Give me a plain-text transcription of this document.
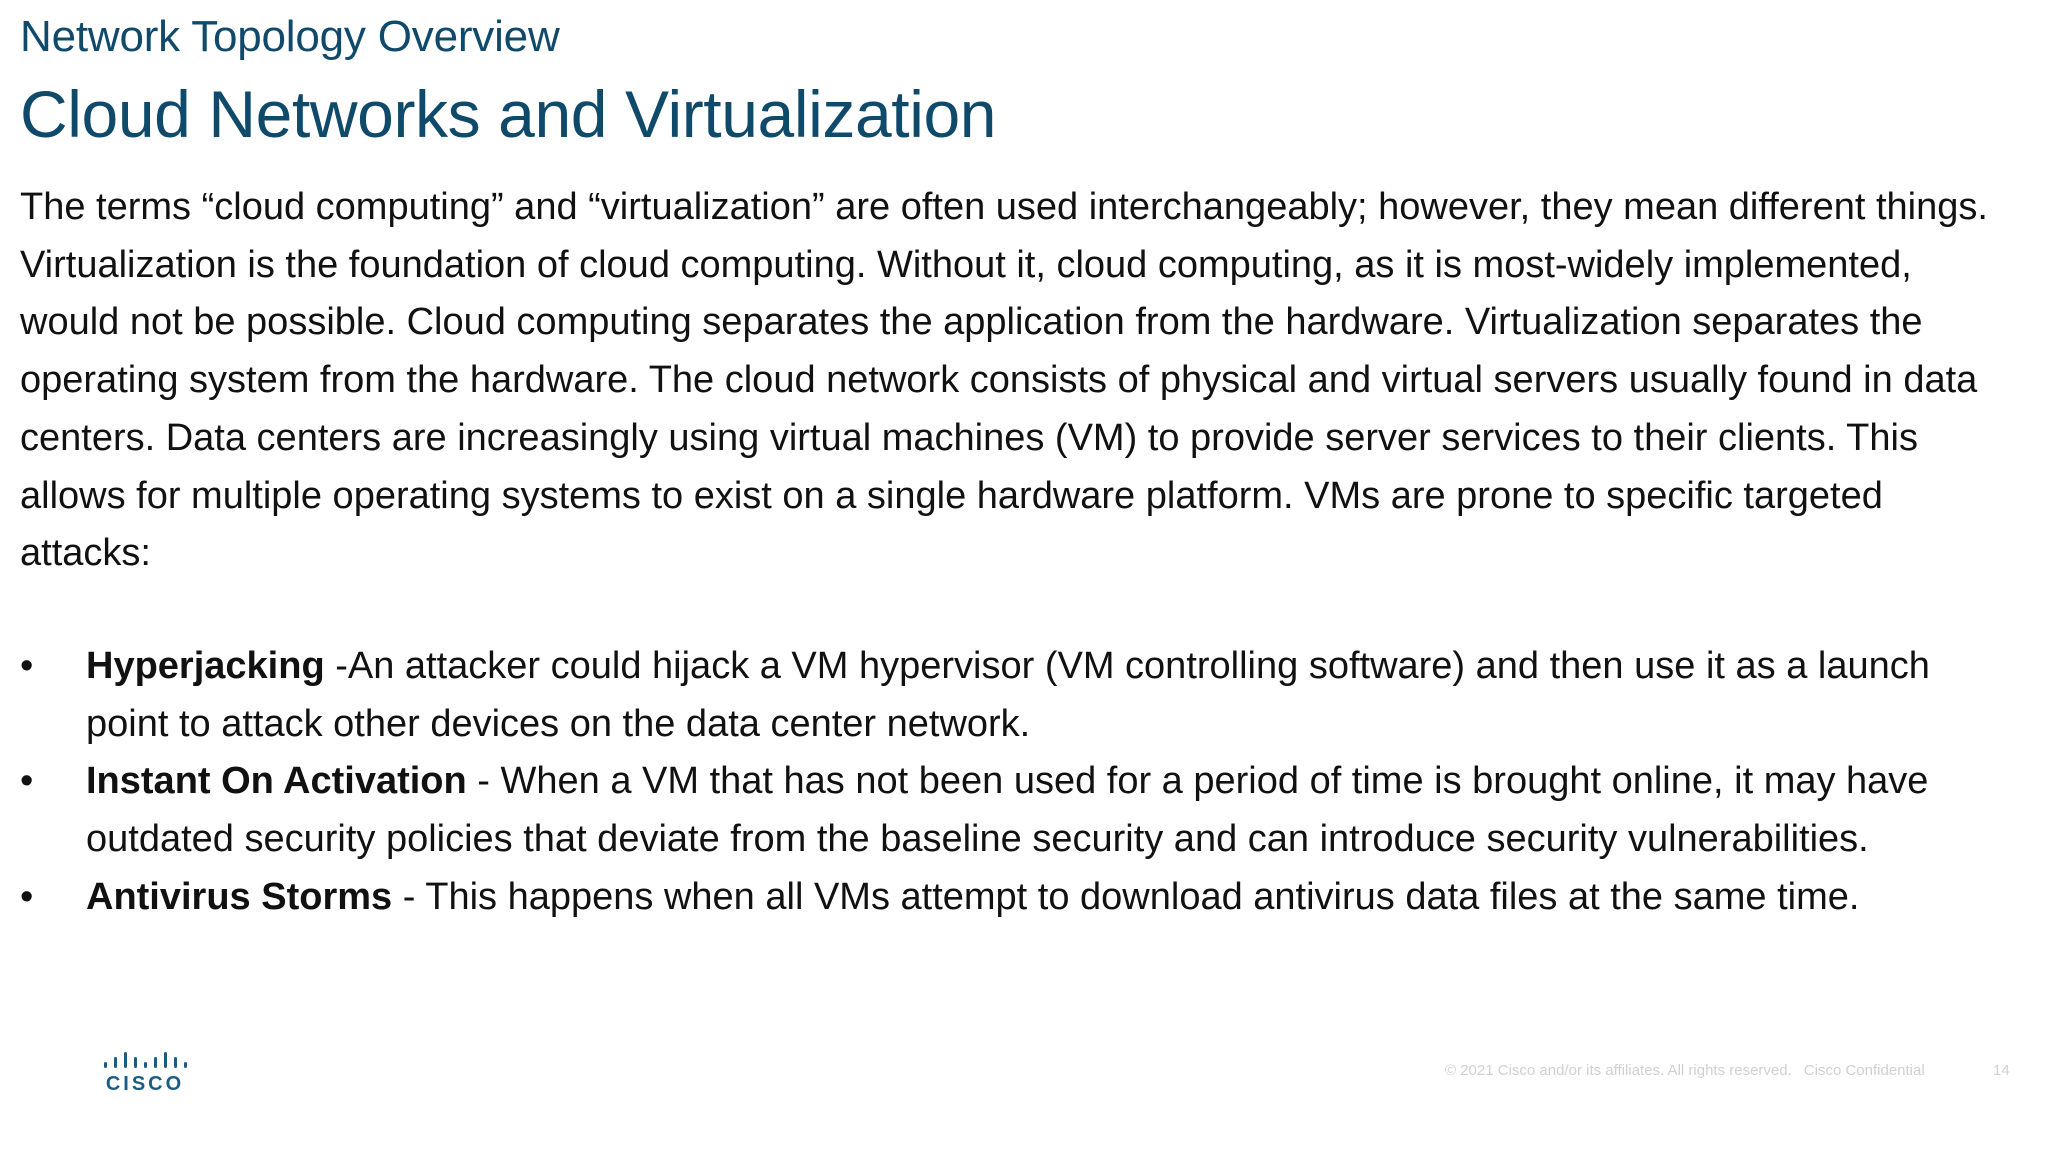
Network Topology Overview
Cloud Networks and Virtualization
The terms “cloud computing” and “virtualization” are often used interchangeably; however, they mean different things. Virtualization is the foundation of cloud computing. Without it, cloud computing, as it is most-widely implemented, would not be possible. Cloud computing separates the application from the hardware. Virtualization separates the operating system from the hardware. The cloud network consists of physical and virtual servers usually found in data centers. Data centers are increasingly using virtual machines (VM) to provide server services to their clients. This allows for multiple operating systems to exist on a single hardware platform. VMs are prone to specific targeted attacks:
• Hyperjacking -An attacker could hijack a VM hypervisor (VM controlling software) and then use it as a launch point to attack other devices on the data center network.
• Instant On Activation - When a VM that has not been used for a period of time is brought online, it may have outdated security policies that deviate from the baseline security and can introduce security vulnerabilities.
• Antivirus Storms - This happens when all VMs attempt to download antivirus data files at the same time.
CISCO
© 2021 Cisco and/or its affiliates. All rights reserved. Cisco Confidential	14
